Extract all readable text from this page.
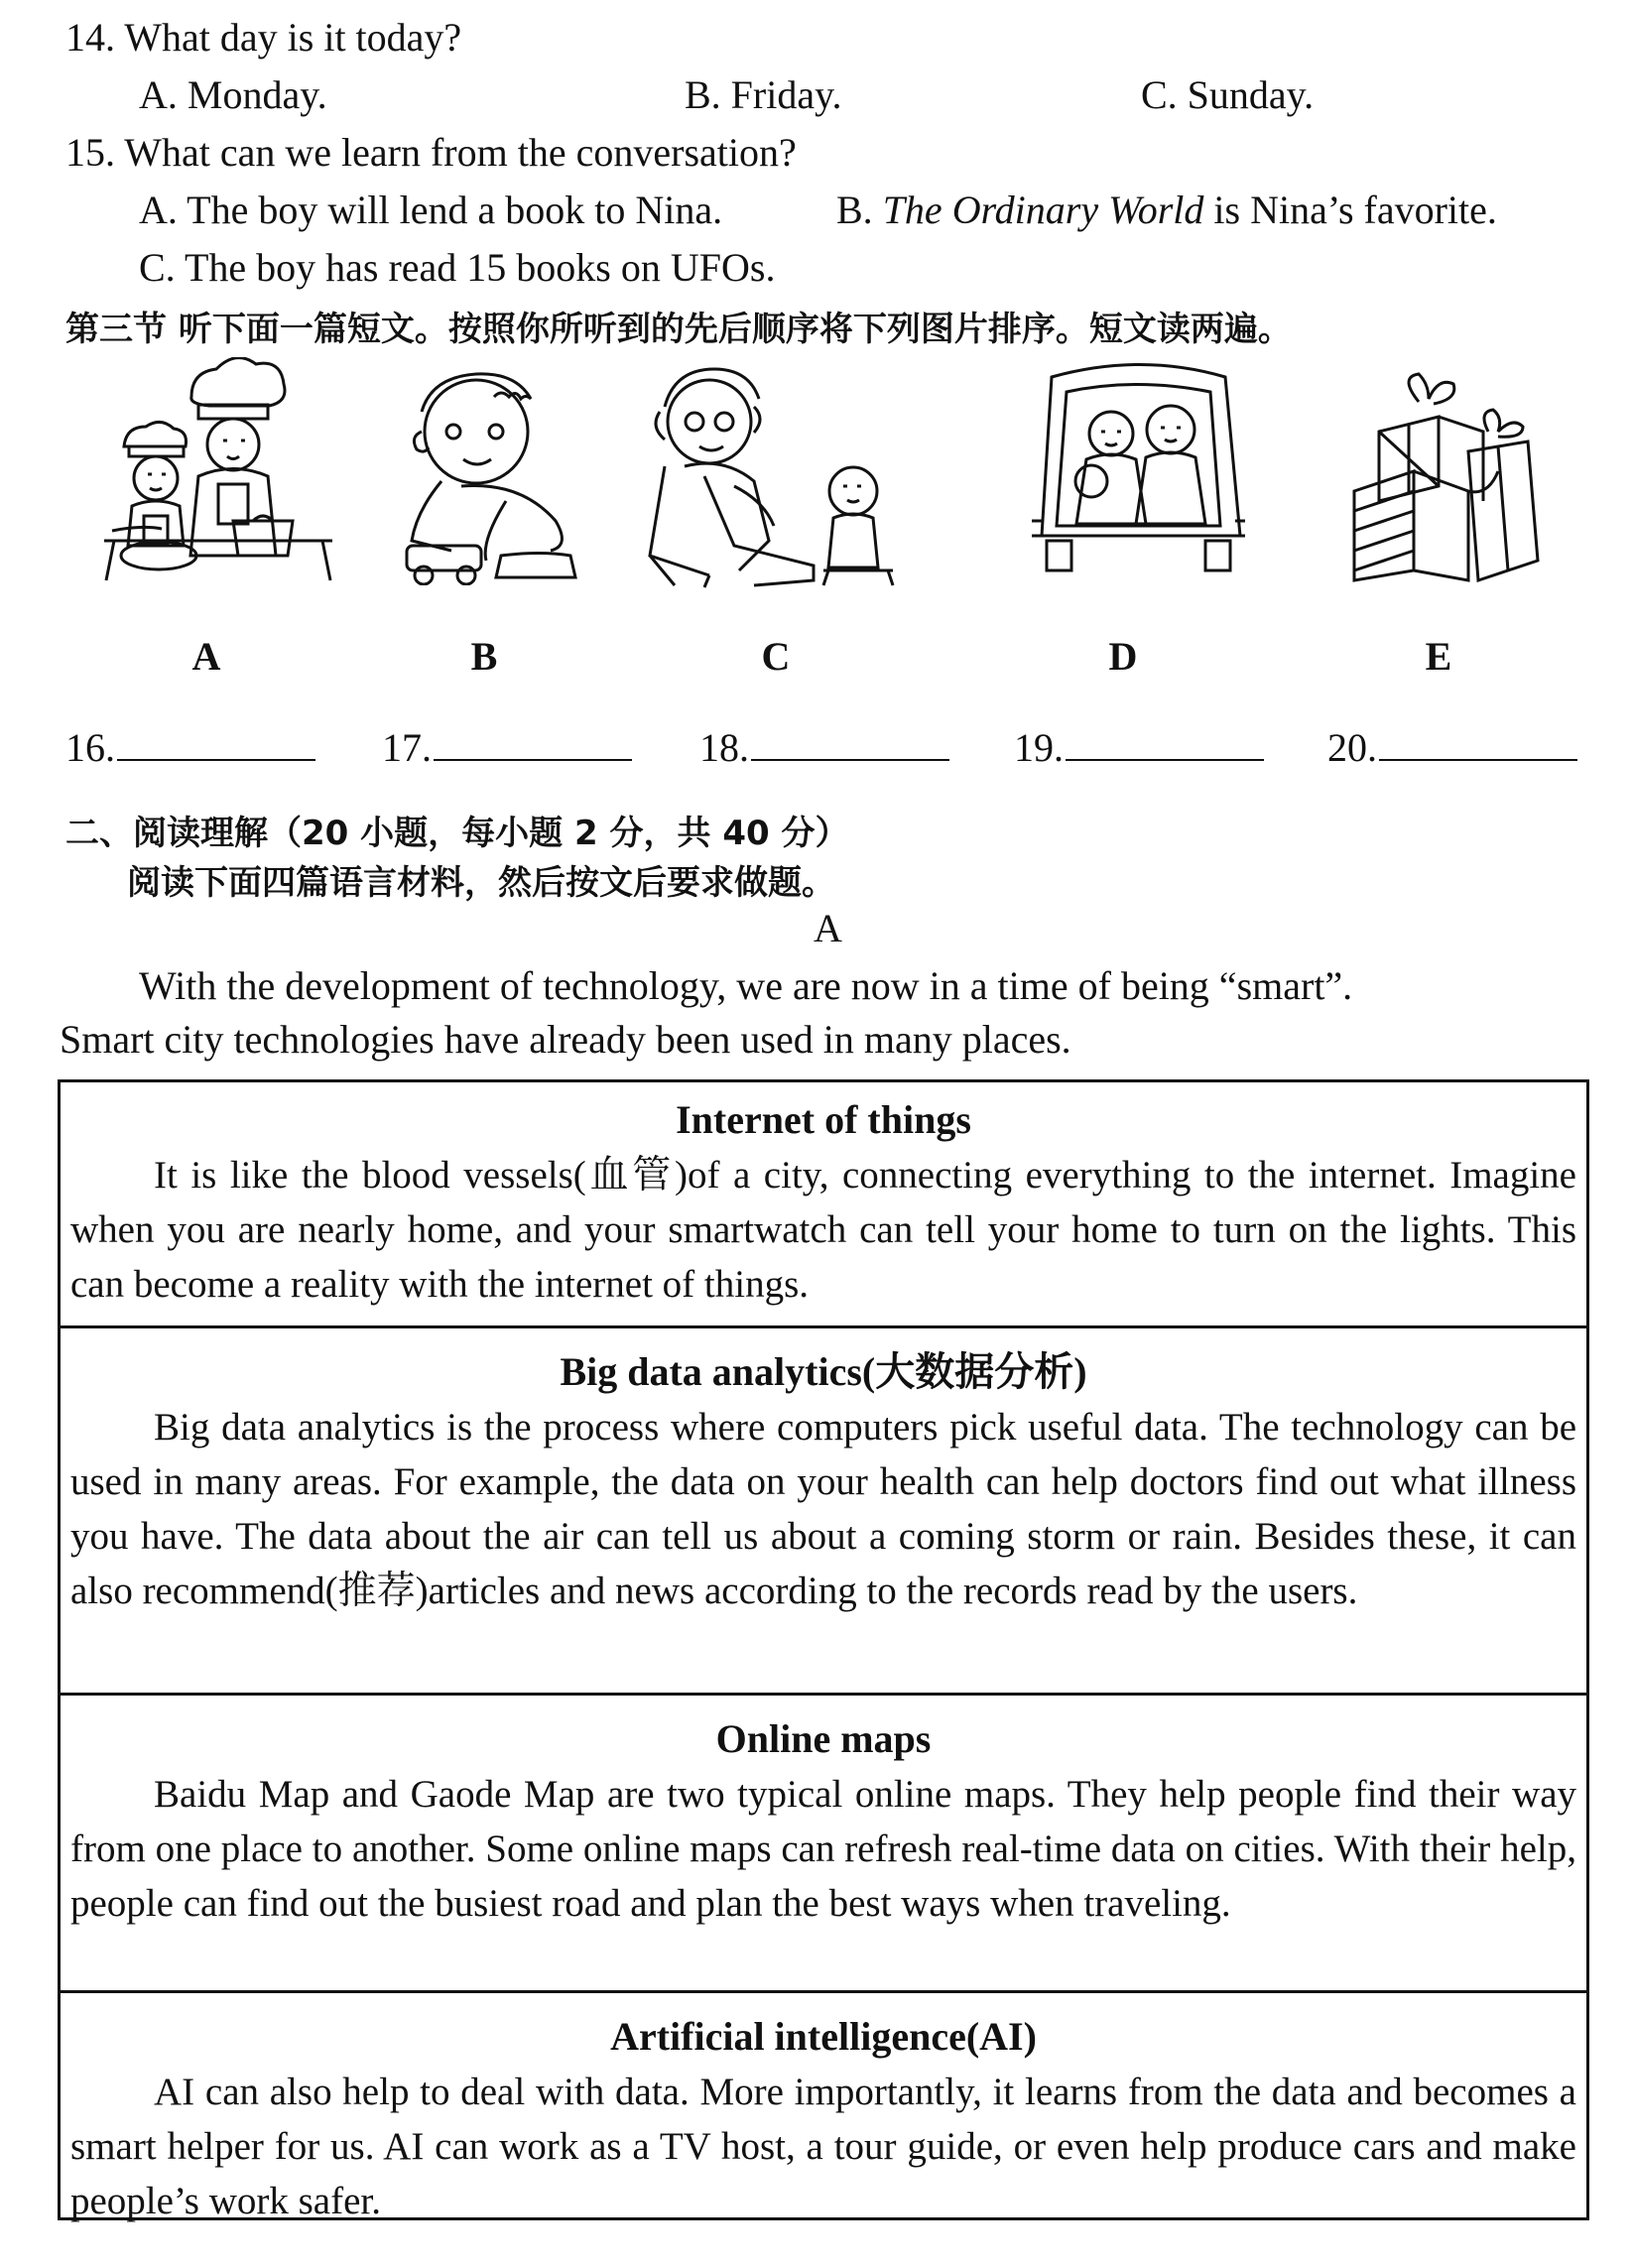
14. What day is it today?
A. Monday.	B. Friday.	C. Sunday.
15. What can we learn from the conversation?
A. The boy will lend a book to Nina.	B. The Ordinary World is Nina’s favorite.
C. The boy has read 15 books on UFOs.
第三节 听下面一篇短文。按照你所听到的先后顺序将下列图片排序。短文读两遍。
A	B	C	D	E
16.	17.	18.	19.	20.
二、阅读理解（20 小题，每小题 2 分，共 40 分）
阅读下面四篇语言材料，然后按文后要求做题。
A
With the development of technology, we are now in a time of being “smart”.
Smart city technologies have already been used in many places.
Internet of things

It is like the blood vessels(血管)of a city, connecting everything to the internet. Imagine when you are nearly home, and your smartwatch can tell your home to turn on the lights. This can become a reality with the internet of things.

Big data analytics(大数据分析)

Big data analytics is the process where computers pick useful data. The technology can be used in many areas. For example, the data on your health can help doctors find out what illness you have. The data about the air can tell us about a coming storm or rain. Besides these, it can also recommend(推荐)articles and news according to the records read by the users.

Online maps

Baidu Map and Gaode Map are two typical online maps. They help people find their way from one place to another. Some online maps can refresh real-time data on cities. With their help, people can find out the busiest road and plan the best ways when traveling.

Artificial intelligence(AI)

AI can also help to deal with data. More importantly, it learns from the data and becomes a smart helper for us. AI can work as a TV host, a tour guide, or even help produce cars and make people’s work safer.
